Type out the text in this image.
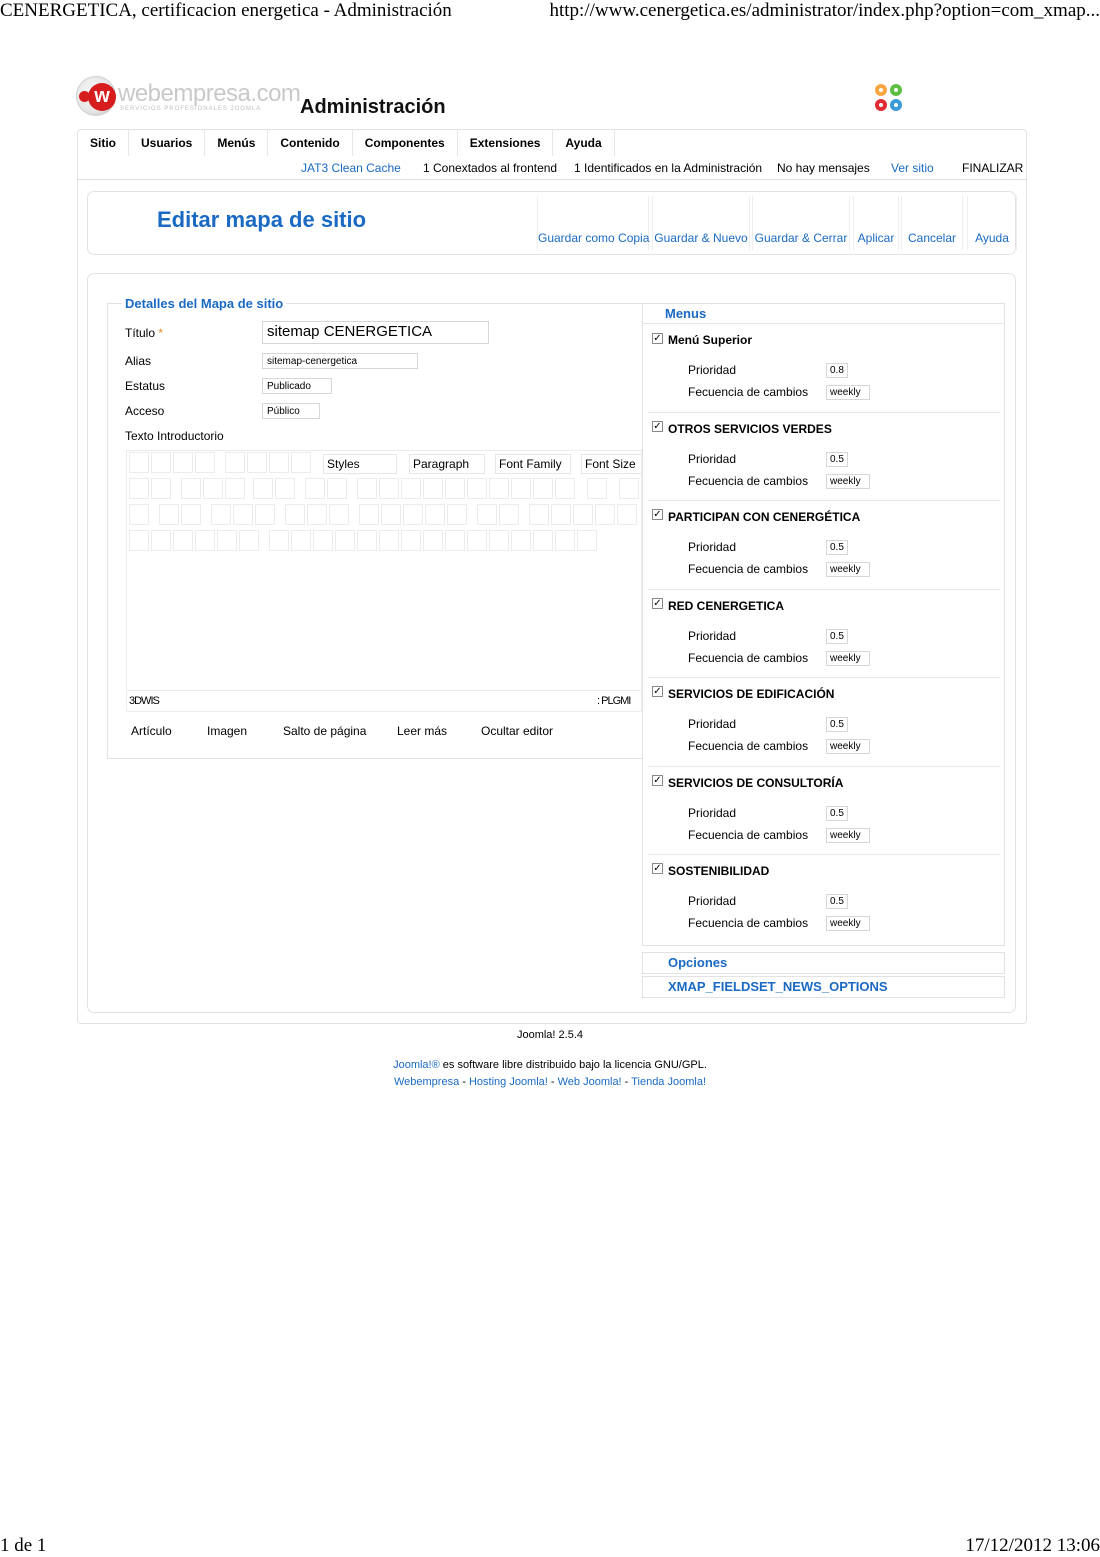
CENERGETICA, certificacion energetica - Administración	http://www.cenergetica.es/administrator/index.php?option=com_xmap...
w webempresa.com
SERVICIOS PROFESIONALES JOOMLA Administración
Sitio	Usuarios	Menús	Contenido	Componentes	Extensiones	Ayuda
JAT3 Clean Cache 1 Conextados al frontend 1 Identificados en la Administración No hay mensajes Ver sitio FINALIZAR
Editar mapa de sitio
Guardar como Copia Guardar & Nuevo Guardar & Cerrar Aplicar	Cancelar	Ayuda
Detalles del Mapa de sitio
Título *	sitemap CENERGETICA
Alias	sitemap-cenergetica
Estatus	Publicado
Acceso	Público
Texto Introductorio
Styles	Paragraph	Font Family	Font Size
3DWIS	: PLGMI
Artículo	Imagen	Salto de página	Leer más	Ocultar editor
Menus
✓ Menú Superior
Prioridad	0.8
Fecuencia de cambios	weekly
✓ OTROS SERVICIOS VERDES
Prioridad	0.5
Fecuencia de cambios	weekly
✓ PARTICIPAN CON CENERGÉTICA
Prioridad	0.5
Fecuencia de cambios	weekly
✓ RED CENERGETICA
Prioridad	0.5
Fecuencia de cambios	weekly
✓ SERVICIOS DE EDIFICACIÓN
Prioridad	0.5
Fecuencia de cambios	weekly
✓ SERVICIOS DE CONSULTORÍA
Prioridad	0.5
Fecuencia de cambios	weekly
✓ SOSTENIBILIDAD
Prioridad	0.5
Fecuencia de cambios	weekly
Opciones
XMAP_FIELDSET_NEWS_OPTIONS
Joomla! 2.5.4
Joomla!® es software libre distribuido bajo la licencia GNU/GPL.
Webempresa - Hosting Joomla! - Web Joomla! - Tienda Joomla!
1 de 1	17/12/2012 13:06
